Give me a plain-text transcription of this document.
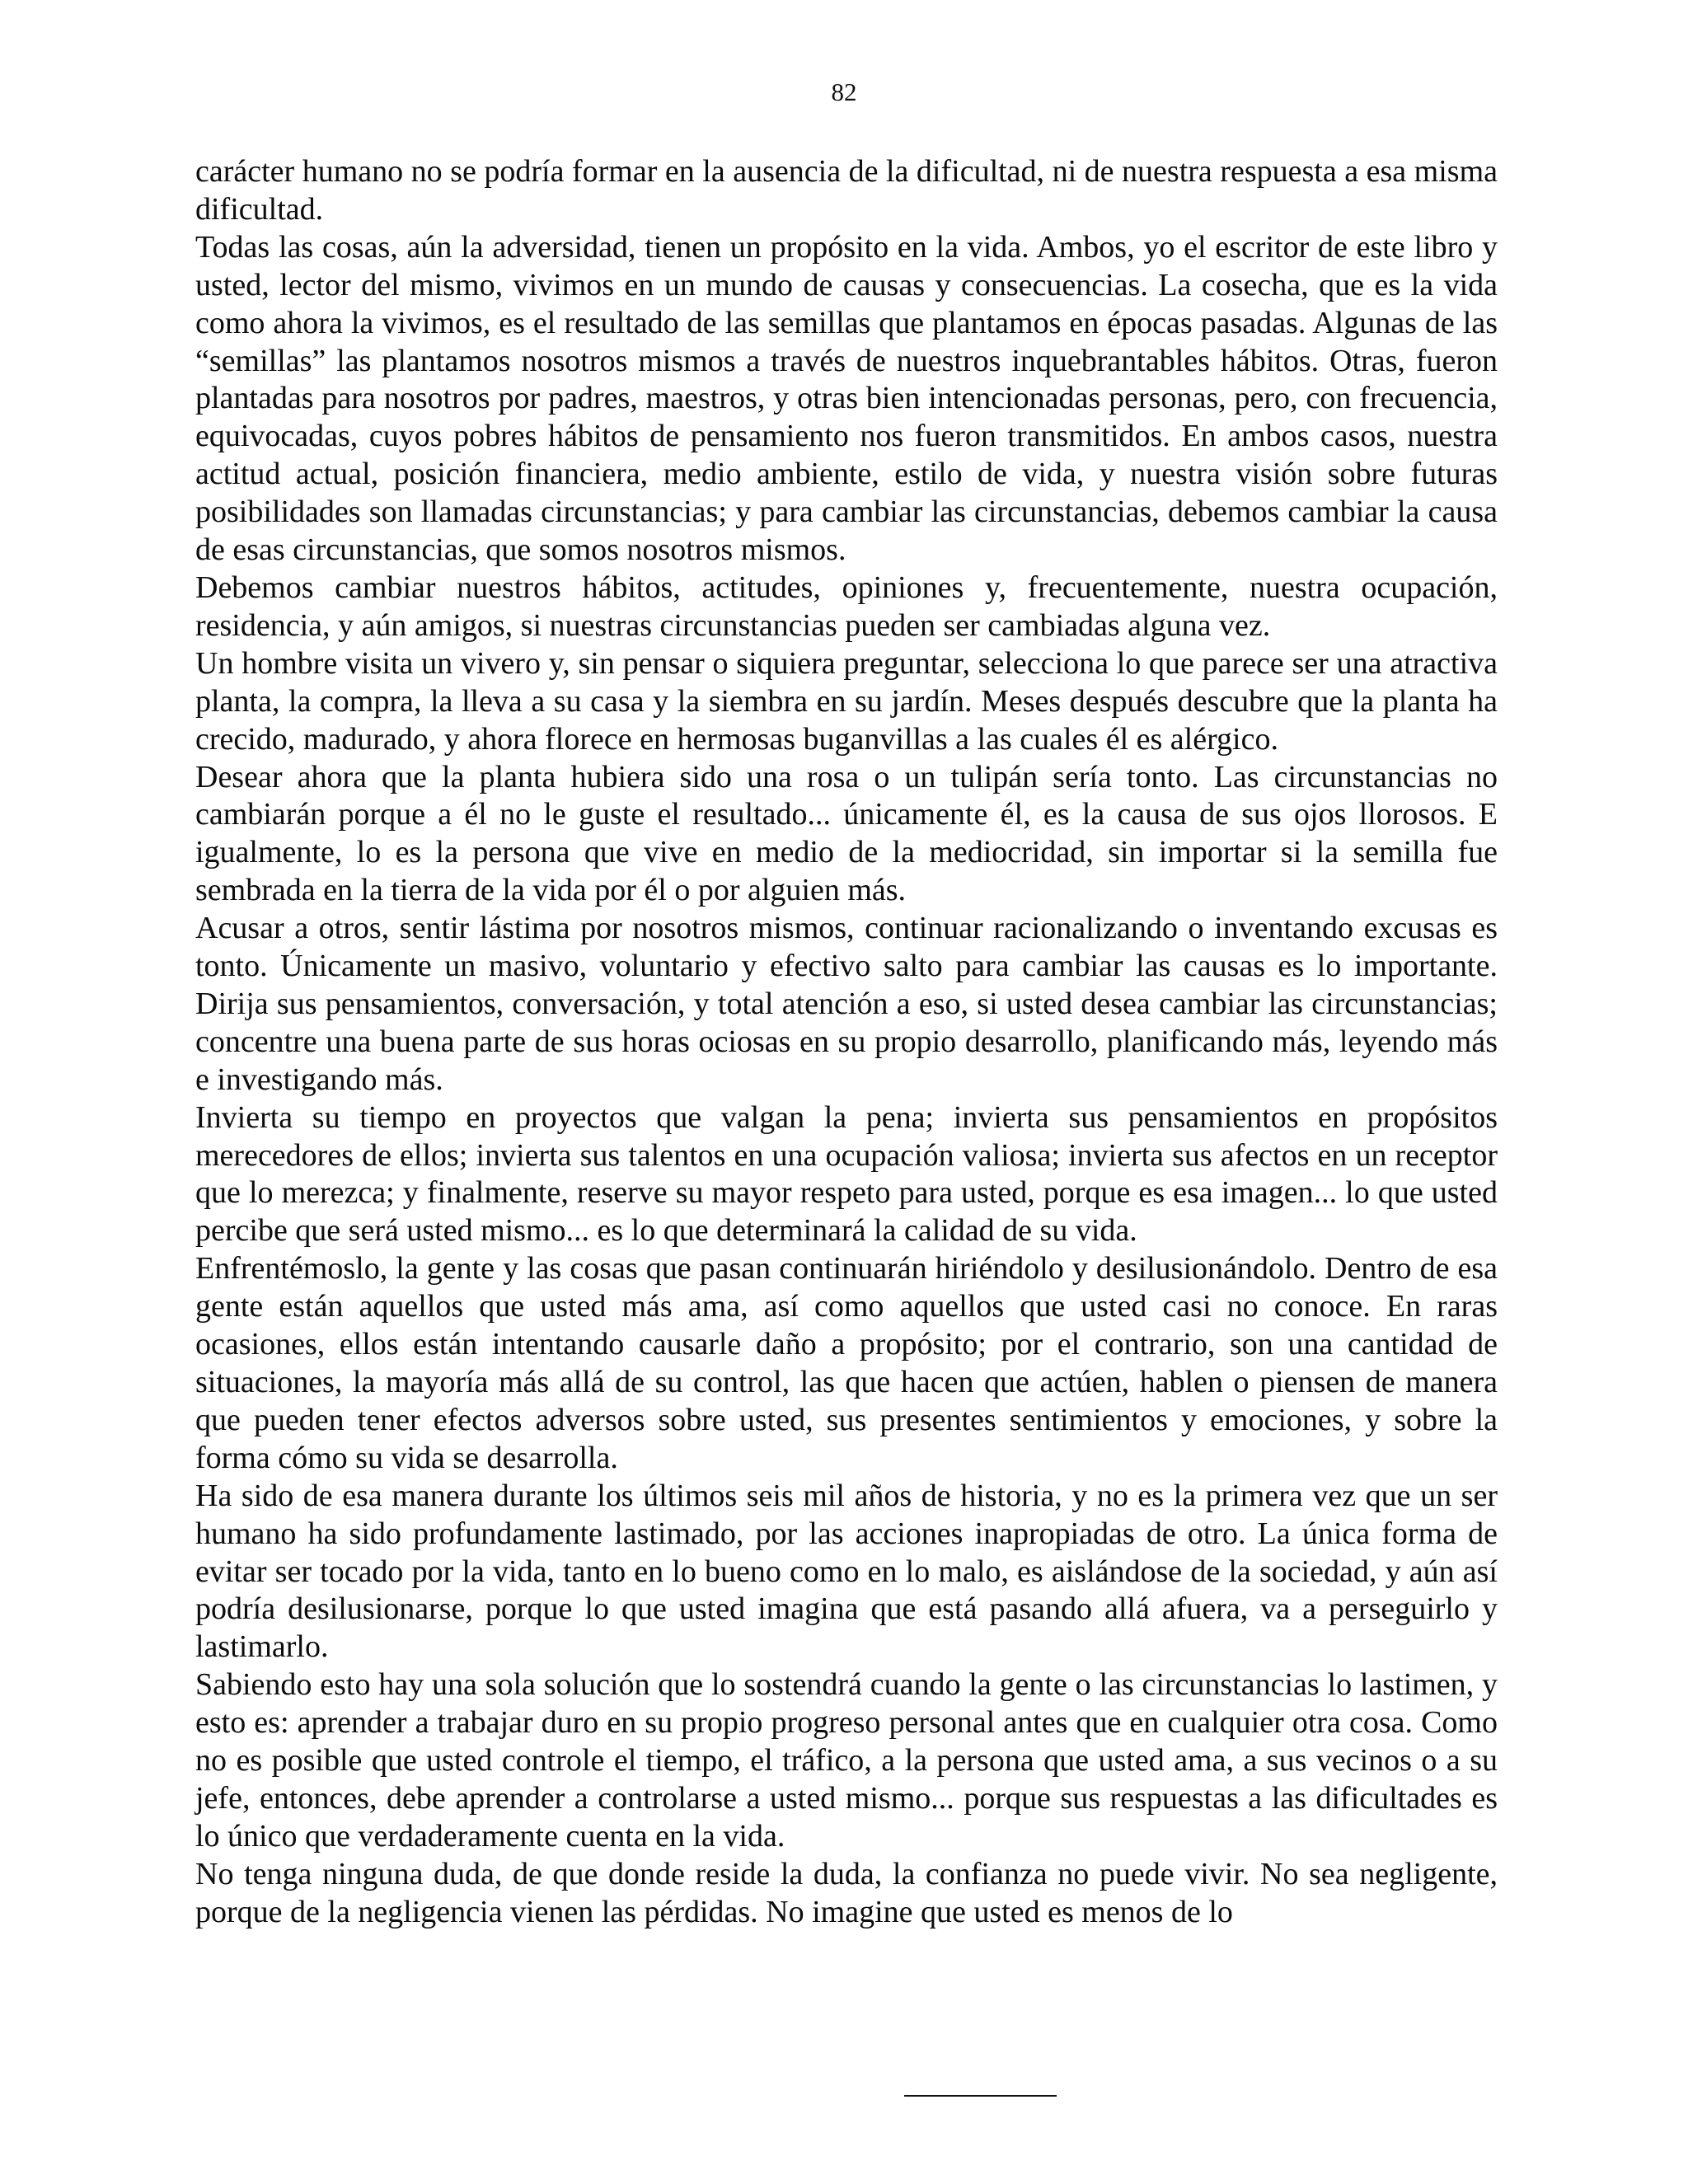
82

carácter humano no se podría formar en la ausencia de la dificultad, ni de nuestra respuesta a esa misma dificultad.

Todas las cosas, aún la adversidad, tienen un propósito en la vida. Ambos, yo el escritor de este libro y usted, lector del mismo, vivimos en un mundo de causas y consecuencias. La cosecha, que es la vida como ahora la vivimos, es el resultado de las semillas que plantamos en épocas pasadas. Algunas de las “semillas” las plantamos nosotros mismos a través de nuestros inquebrantables hábitos. Otras, fueron plantadas para nosotros por padres, maestros, y otras bien intencionadas personas, pero, con frecuencia, equivocadas, cuyos pobres hábitos de pensamiento nos fueron transmitidos. En ambos casos, nuestra actitud actual, posición financiera, medio ambiente, estilo de vida, y nuestra visión sobre futuras posibilidades son llamadas circunstancias; y para cambiar las circunstancias, debemos cambiar la causa de esas circunstancias, que somos nosotros mismos.

Debemos cambiar nuestros hábitos, actitudes, opiniones y, frecuentemente, nuestra ocupación, residencia, y aún amigos, si nuestras circunstancias pueden ser cambiadas alguna vez.

Un hombre visita un vivero y, sin pensar o siquiera preguntar, selecciona lo que parece ser una atractiva planta, la compra, la lleva a su casa y la siembra en su jardín. Meses después descubre que la planta ha crecido, madurado, y ahora florece en hermosas buganvillas a las cuales él es alérgico.

Desear ahora que la planta hubiera sido una rosa o un tulipán sería tonto. Las circunstancias no cambiarán porque a él no le guste el resultado... únicamente él, es la causa de sus ojos llorosos. E igualmente, lo es la persona que vive en medio de la mediocridad, sin importar si la semilla fue sembrada en la tierra de la vida por él o por alguien más.

Acusar a otros, sentir lástima por nosotros mismos, continuar racionalizando o inventando excusas es tonto. Únicamente un masivo, voluntario y efectivo salto para cambiar las causas es lo importante. Dirija sus pensamientos, conversación, y total atención a eso, si usted desea cambiar las circunstancias; concentre una buena parte de sus horas ociosas en su propio desarrollo, planificando más, leyendo más e investigando más.

Invierta su tiempo en proyectos que valgan la pena; invierta sus pensamientos en propósitos merecedores de ellos; invierta sus talentos en una ocupación valiosa; invierta sus afectos en un receptor que lo merezca; y finalmente, reserve su mayor respeto para usted, porque es esa imagen... lo que usted percibe que será usted mismo... es lo que determinará la calidad de su vida.

Enfrentémoslo, la gente y las cosas que pasan continuarán hiriéndolo y desilusionándolo. Dentro de esa gente están aquellos que usted más ama, así como aquellos que usted casi no conoce. En raras ocasiones, ellos están intentando causarle daño a propósito; por el contrario, son una cantidad de situaciones, la mayoría más allá de su control, las que hacen que actúen, hablen o piensen de manera que pueden tener efectos adversos sobre usted, sus presentes sentimientos y emociones, y sobre la forma cómo su vida se desarrolla.

Ha sido de esa manera durante los últimos seis mil años de historia, y no es la primera vez que un ser humano ha sido profundamente lastimado, por las acciones inapropiadas de otro. La única forma de evitar ser tocado por la vida, tanto en lo bueno como en lo malo, es aislándose de la sociedad, y aún así podría desilusionarse, porque lo que usted imagina que está pasando allá afuera, va a perseguirlo y lastimarlo.

Sabiendo esto hay una sola solución que lo sostendrá cuando la gente o las circunstancias lo lastimen, y esto es: aprender a trabajar duro en su propio progreso personal antes que en cualquier otra cosa. Como no es posible que usted controle el tiempo, el tráfico, a la persona que usted ama, a sus vecinos o a su jefe, entonces, debe aprender a controlarse a usted mismo... porque sus respuestas a las dificultades es lo único que verdaderamente cuenta en la vida.

No tenga ninguna duda, de que donde reside la duda, la confianza no puede vivir. No sea negligente, porque de la negligencia vienen las pérdidas. No imagine que usted es menos de lo
